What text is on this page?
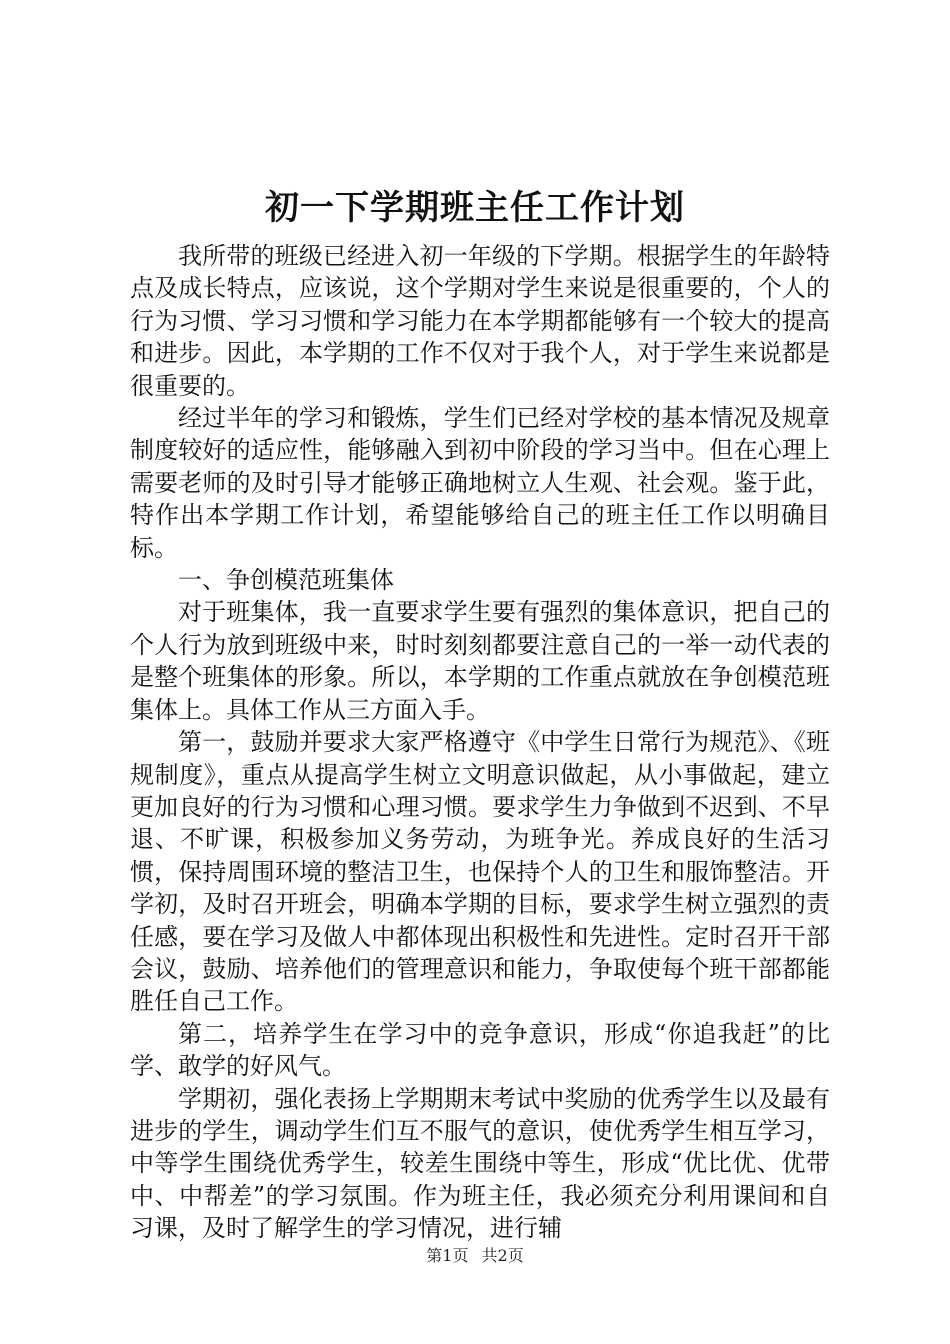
初一下学期班主任工作计划

我所带的班级已经进入初一年级的下学期。根据学生的年龄特点及成长特点，应该说，这个学期对学生来说是很重要的，个人的行为习惯、学习习惯和学习能力在本学期都能够有一个较大的提高和进步。因此，本学期的工作不仅对于我个人，对于学生来说都是很重要的。

经过半年的学习和锻炼，学生们已经对学校的基本情况及规章制度较好的适应性，能够融入到初中阶段的学习当中。但在心理上需要老师的及时引导才能够正确地树立人生观、社会观。鉴于此，特作出本学期工作计划，希望能够给自己的班主任工作以明确目标。

一、争创模范班集体

对于班集体，我一直要求学生要有强烈的集体意识，把自己的个人行为放到班级中来，时时刻刻都要注意自己的一举一动代表的是整个班集体的形象。所以，本学期的工作重点就放在争创模范班集体上。具体工作从三方面入手。

第一，鼓励并要求大家严格遵守《中学生日常行为规范》、《班规制度》，重点从提高学生树立文明意识做起，从小事做起，建立更加良好的行为习惯和心理习惯。要求学生力争做到不迟到、不早退、不旷课，积极参加义务劳动，为班争光。养成良好的生活习惯，保持周围环境的整洁卫生，也保持个人的卫生和服饰整洁。开学初，及时召开班会，明确本学期的目标，要求学生树立强烈的责任感，要在学习及做人中都体现出积极性和先进性。定时召开干部会议，鼓励、培养他们的管理意识和能力，争取使每个班干部都能胜任自己工作。

第二，培养学生在学习中的竞争意识，形成“你追我赶”的比学、敢学的好风气。

学期初，强化表扬上学期期末考试中奖励的优秀学生以及最有进步的学生，调动学生们互不服气的意识，使优秀学生相互学习，中等学生围绕优秀学生，较差生围绕中等生，形成“优比优、优带中、中帮差”的学习氛围。作为班主任，我必须充分利用课间和自习课，及时了解学生的学习情况，进行辅

第1页 共2页
